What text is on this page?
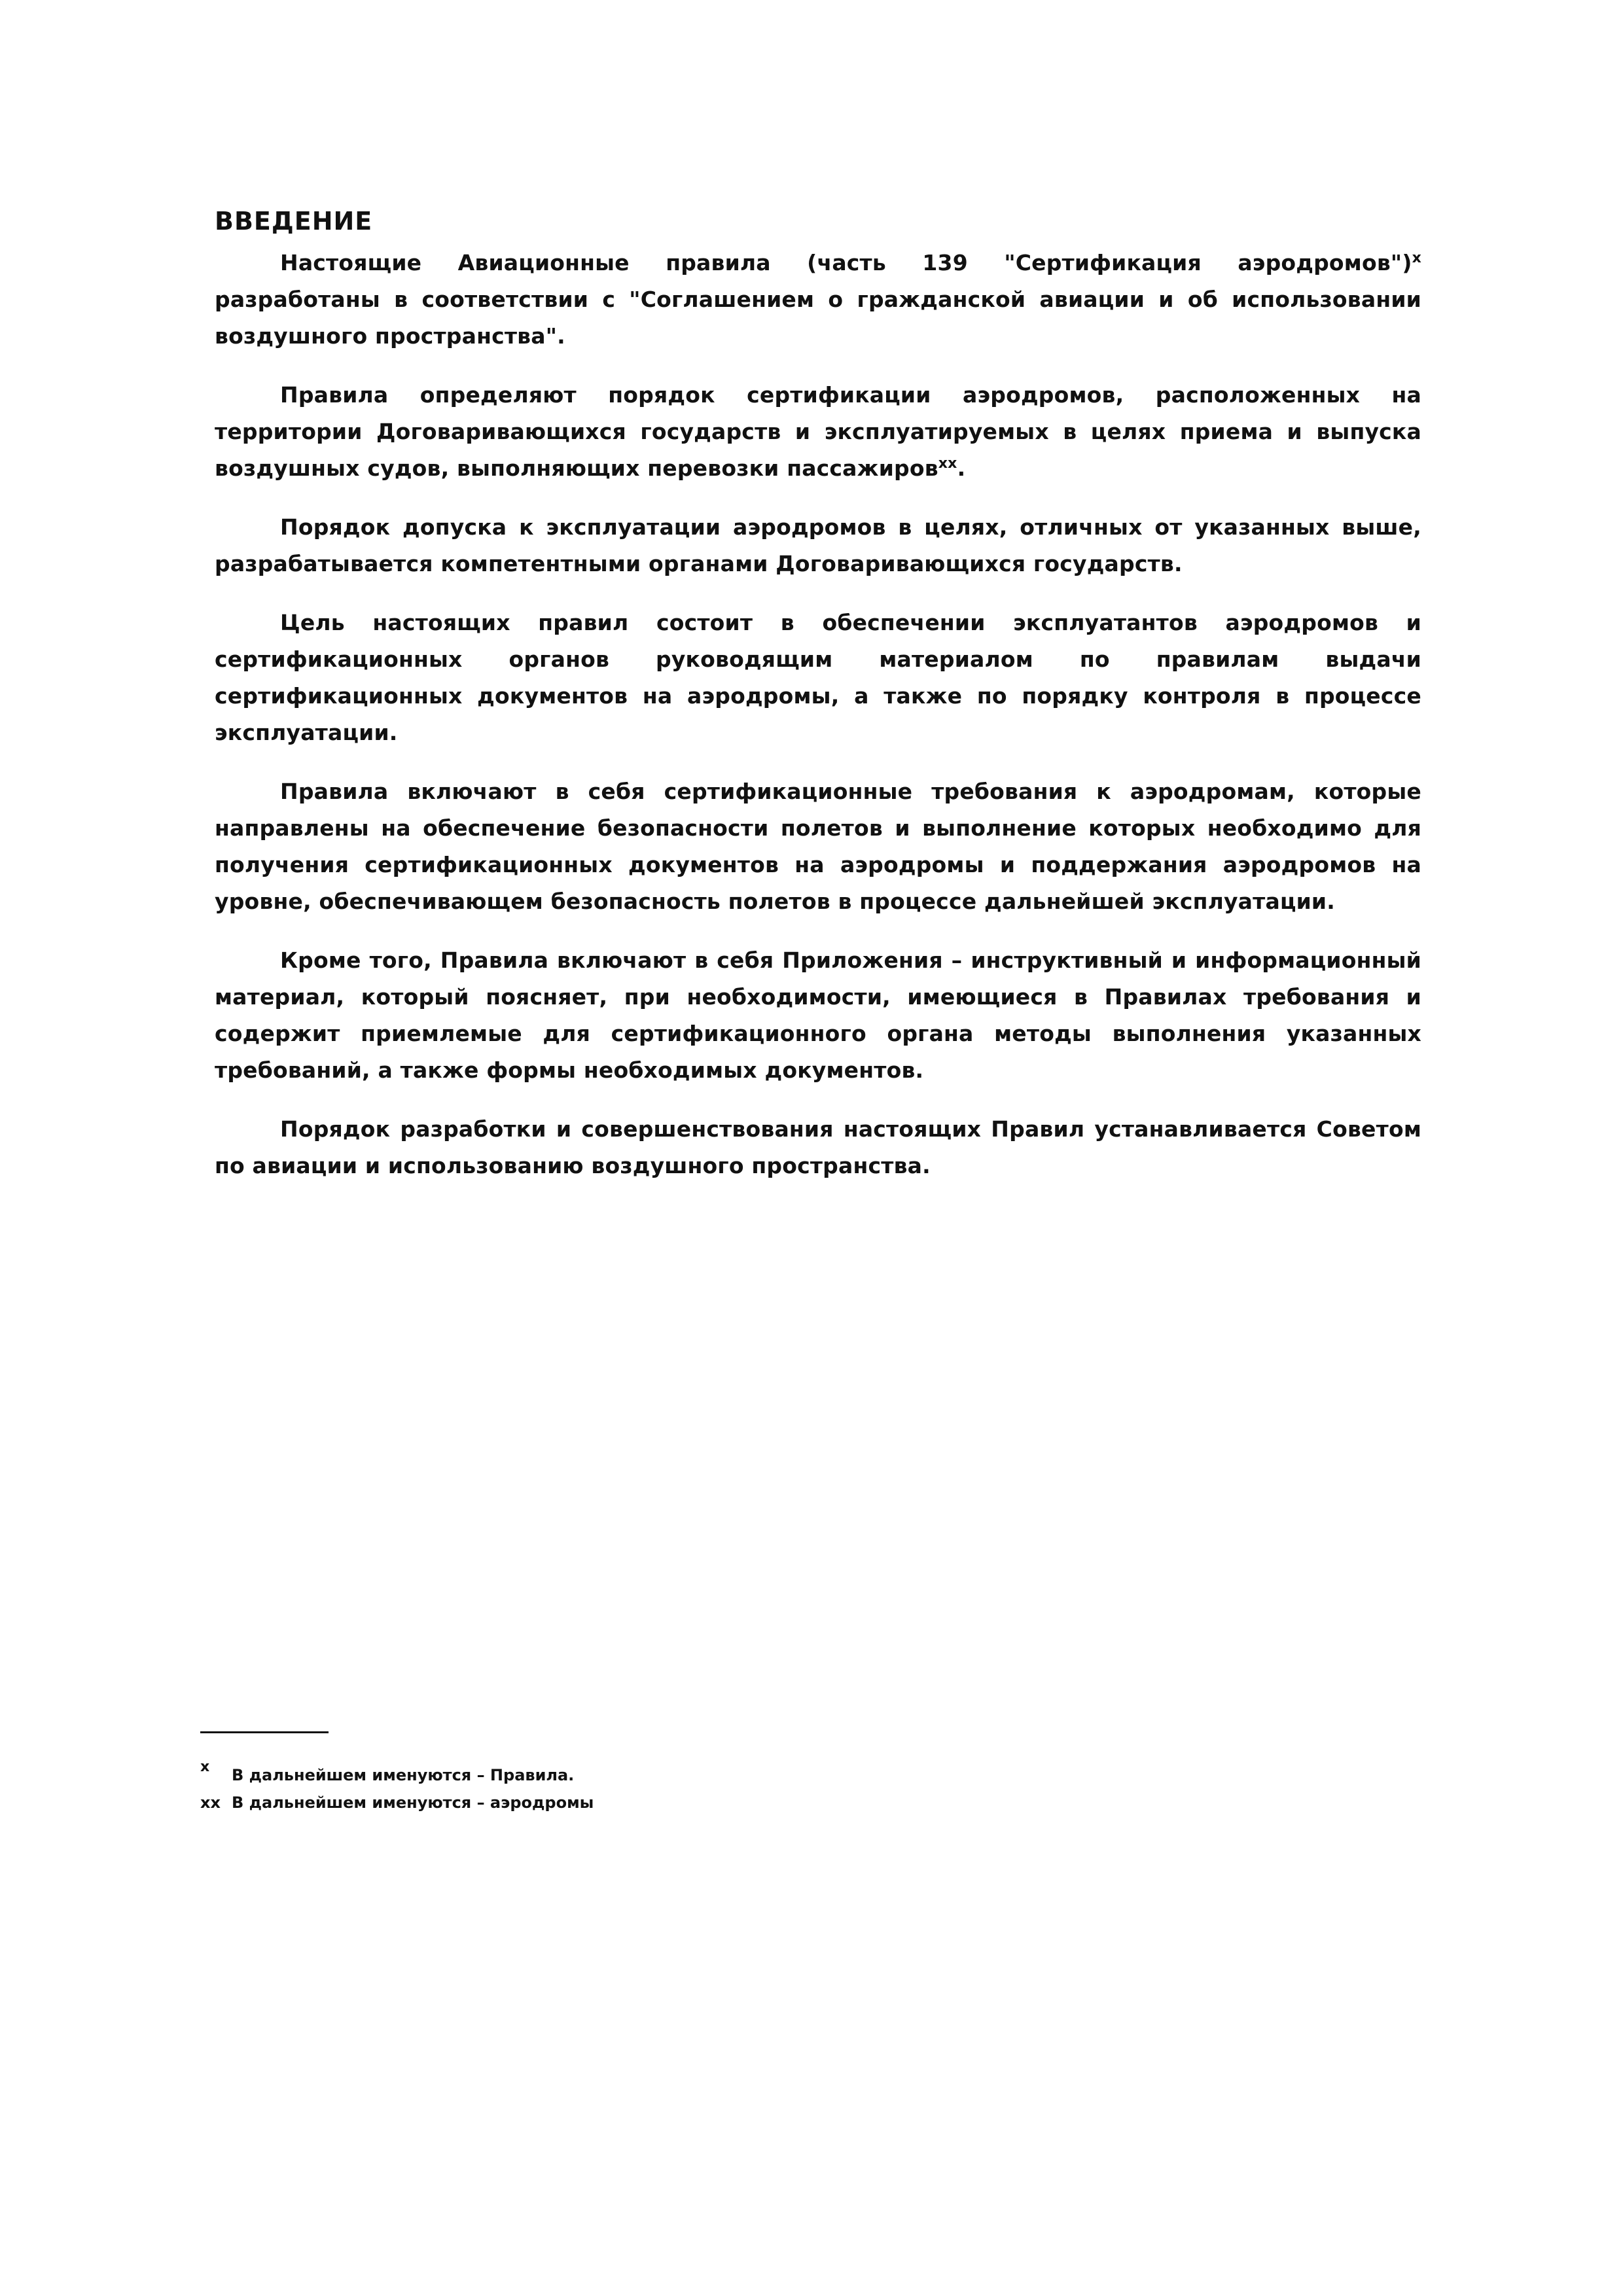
ВВЕДЕНИЕ

Настоящие Авиационные правила (часть 139 "Сертификация аэродромов")$^x$ разработаны в соответствии с "Соглашением о гражданской авиации и об использовании воздушного пространства".

Правила определяют порядок сертификации аэродромов, расположенных на территории Договаривающихся государств и эксплуатируемых в целях приема и выпуска воздушных судов, выполняющих перевозки пассажиров$^{xx}$.

Порядок допуска к эксплуатации аэродромов в целях, отличных от указанных выше, разрабатывается компетентными органами Договаривающихся государств.

Цель настоящих правил состоит в обеспечении эксплуатантов аэродромов и сертификационных органов руководящим материалом по правилам выдачи сертификационных документов на аэродромы, а также по порядку контроля в процессе эксплуатации.

Правила включают в себя сертификационные требования к аэродромам, которые направлены на обеспечение безопасности полетов и выполнение которых необходимо для получения сертификационных документов на аэродромы и поддержания аэродромов на уровне, обеспечивающем безопасность полетов в процессе дальнейшей эксплуатации.

Кроме того, Правила включают в себя Приложения – инструктивный и информационный материал, который поясняет, при необходимости, имеющиеся в Правилах требования и содержит приемлемые для сертификационного органа методы выполнения указанных требований, а также формы необходимых документов.

Порядок разработки и совершенствования настоящих Правил устанавливается Советом по авиации и использованию воздушного пространства.

x В дальнейшем именуются – Правила.
xx В дальнейшем именуются – аэродромы
